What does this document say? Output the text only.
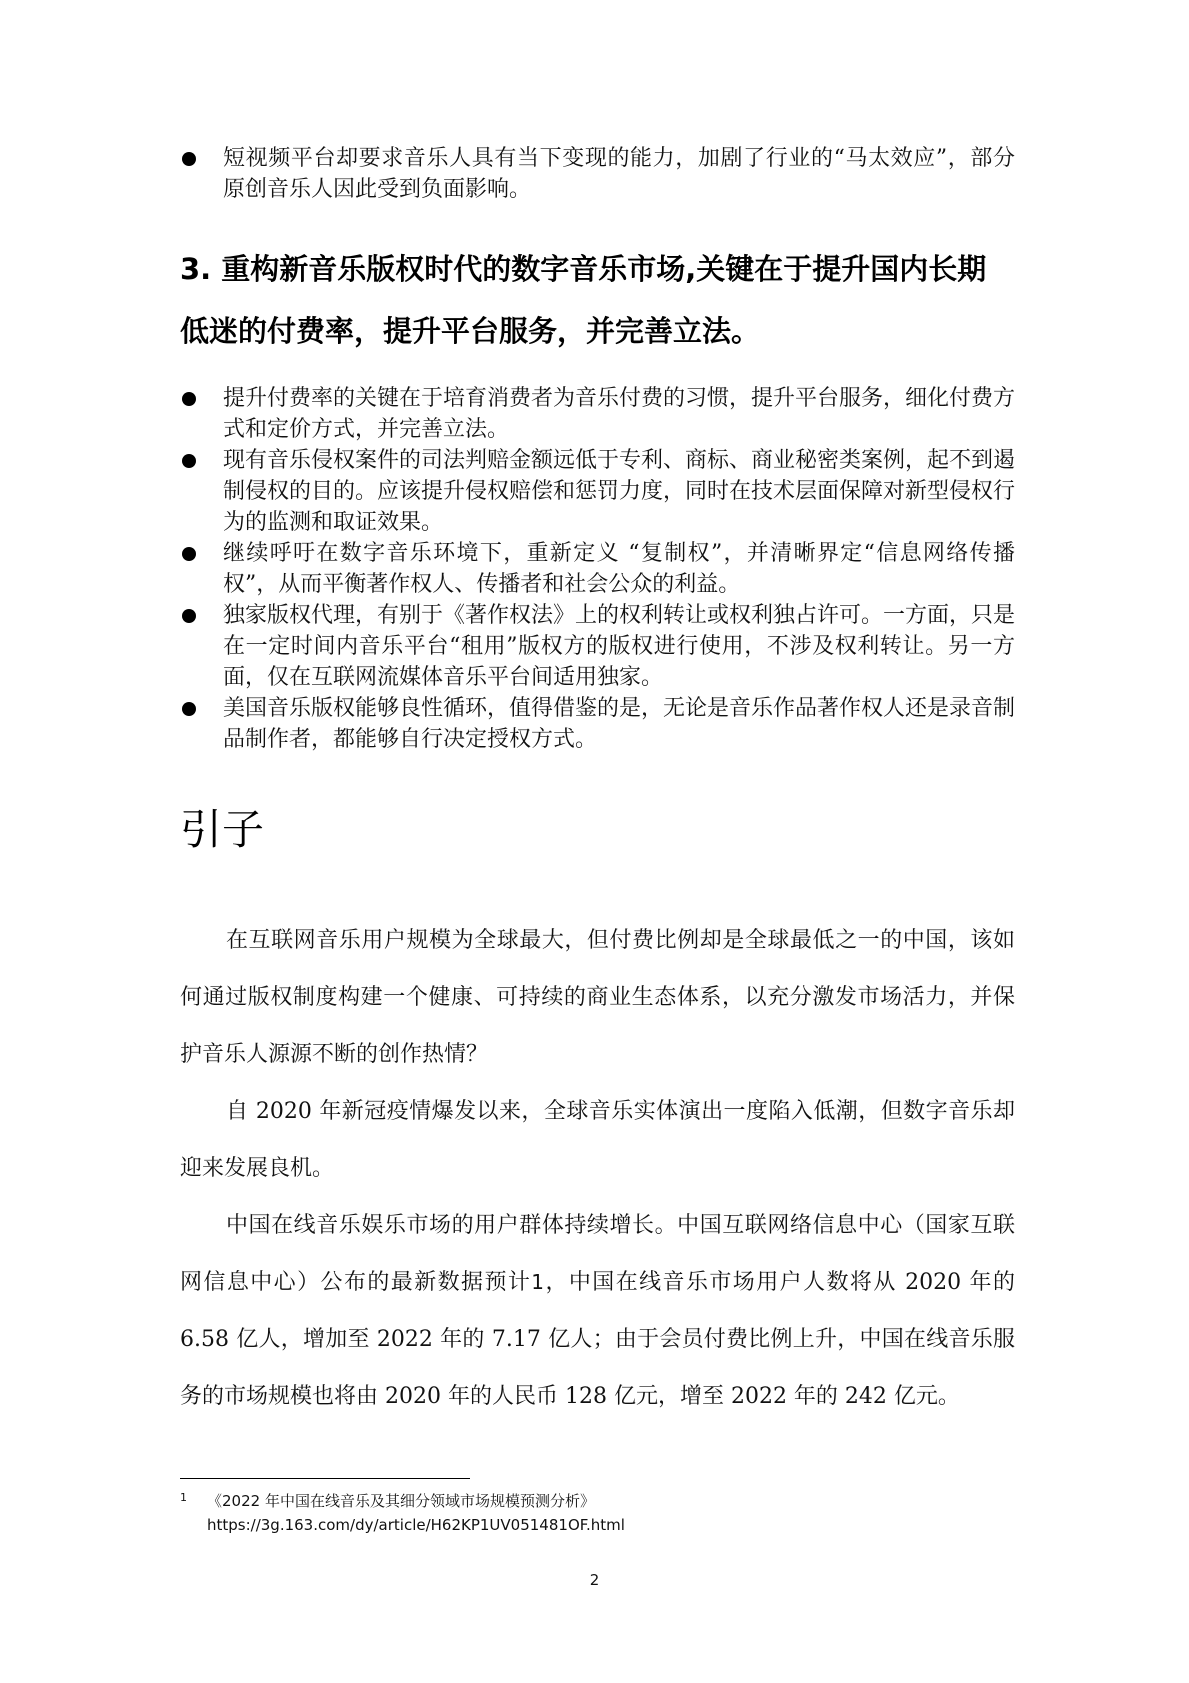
短视频平台却要求音乐人具有当下变现的能力，加剧了行业的“马太效应”，部分原创音乐人因此受到负面影响。
3. 重构新音乐版权时代的数字音乐市场,关键在于提升国内长期低迷的付费率，提升平台服务，并完善立法。
提升付费率的关键在于培育消费者为音乐付费的习惯，提升平台服务，细化付费方式和定价方式，并完善立法。
现有音乐侵权案件的司法判赔金额远低于专利、商标、商业秘密类案例，起不到遏制侵权的目的。应该提升侵权赔偿和惩罚力度，同时在技术层面保障对新型侵权行为的监测和取证效果。
继续呼吁在数字音乐环境下，重新定义 “复制权”，并清晰界定“信息网络传播权”，从而平衡著作权人、传播者和社会公众的利益。
独家版权代理，有别于《著作权法》上的权利转让或权利独占许可。一方面，只是在一定时间内音乐平台“租用”版权方的版权进行使用，不涉及权利转让。另一方面，仅在互联网流媒体音乐平台间适用独家。
美国音乐版权能够良性循环，值得借鉴的是，无论是音乐作品著作权人还是录音制品制作者，都能够自行决定授权方式。
引子

在互联网音乐用户规模为全球最大，但付费比例却是全球最低之一的中国，该如何通过版权制度构建一个健康、可持续的商业生态体系，以充分激发市场活力，并保护音乐人源源不断的创作热情？

自 2020 年新冠疫情爆发以来，全球音乐实体演出一度陷入低潮，但数字音乐却迎来发展良机。

中国在线音乐娱乐市场的用户群体持续增长。中国互联网络信息中心（国家互联网信息中心）公布的最新数据预计1，中国在线音乐市场用户人数将从 2020 年的 6.58 亿人，增加至 2022 年的 7.17 亿人；由于会员付费比例上升，中国在线音乐服务的市场规模也将由 2020 年的人民币 128 亿元，增至 2022 年的 242 亿元。

1	《2022 年中国在线音乐及其细分领域市场规模预测分析》
https://3g.163.com/dy/article/H62KP1UV051481OF.html
2
